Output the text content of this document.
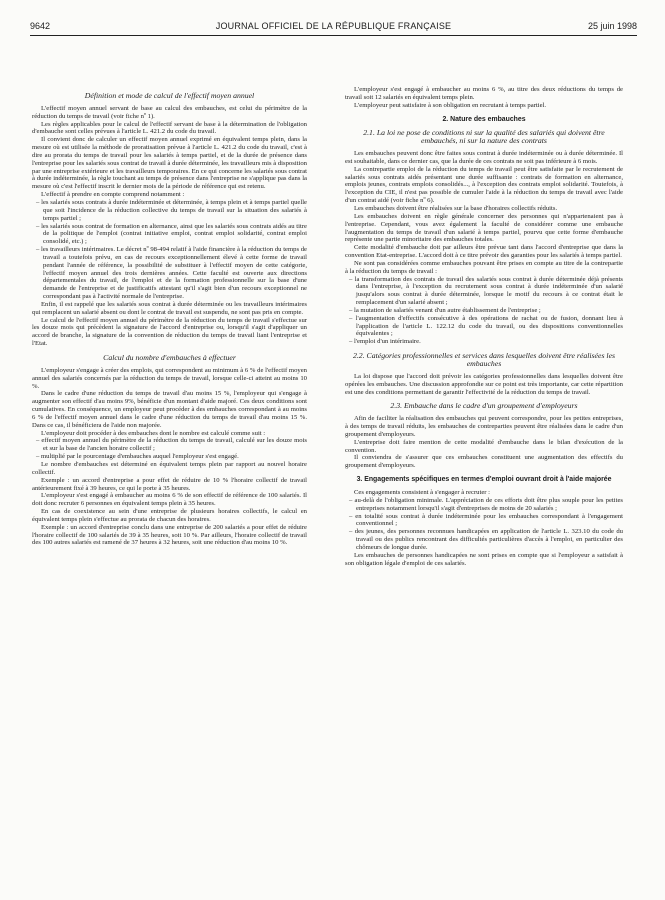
9642	JOURNAL OFFICIEL DE LA RÉPUBLIQUE FRANÇAISE	25 juin 1998
Définition et mode de calcul de l'effectif moyen annuel

L'effectif moyen annuel servant de base au calcul des embauches, est celui du périmètre de la réduction du temps de travail (voir fiche nº 1).

Les règles applicables pour le calcul de l'effectif servant de base à la détermination de l'obligation d'embauche sont celles prévues à l'article L. 421.2 du code du travail.

Il convient donc de calculer un effectif moyen annuel exprimé en équivalent temps plein, dans la mesure où est utilisée la méthode de proratisation prévue à l'article L. 421.2 du code du travail, c'est à dire au prorata du temps de travail pour les salariés à temps partiel, et de la durée de présence dans l'entreprise pour les salariés sous contrat de travail à durée déterminée, les travailleurs mis à disposition par une entreprise extérieure et les travailleurs temporaires. En ce qui concerne les salariés sous contrat à durée indéterminée, la règle touchant au temps de présence dans l'entreprise ne s'applique pas dans la mesure où c'est l'effectif inscrit le dernier mois de la période de référence qui est retenu.

L'effectif à prendre en compte comprend notamment :

– les salariés sous contrats à durée indéterminée et déterminée, à temps plein et à temps partiel quelle que soit l'incidence de la réduction collective du temps de travail sur la situation des salariés à temps partiel ;
– les salariés sous contrat de formation en alternance, ainsi que les salariés sous contrats aidés au titre de la politique de l'emploi (contrat initiative emploi, contrat emploi solidarité, contrat emploi consolidé, etc.) ;
– les travailleurs intérimaires. Le décret nº 98-494 relatif à l'aide financière à la réduction du temps de travail a toutefois prévu, en cas de recours exceptionnellement élevé à cette forme de travail pendant l'année de référence, la possibilité de substituer à l'effectif moyen de cette catégorie, l'effectif moyen annuel des trois dernières années. Cette faculté est ouverte aux directions départementales du travail, de l'emploi et de la formation professionnelle sur la base d'une demande de l'entreprise et de justificatifs attestant qu'il s'agit bien d'un recours exceptionnel ne correspondant pas à l'activité normale de l'entreprise.

Enfin, il est rappelé que les salariés sous contrat à durée déterminée ou les travailleurs intérimaires qui remplacent un salarié absent ou dont le contrat de travail est suspendu, ne sont pas pris en compte.

Le calcul de l'effectif moyen annuel du périmètre de la réduction du temps de travail s'effectue sur les douze mois qui précèdent la signature de l'accord d'entreprise ou, lorsqu'il s'agit d'appliquer un accord de branche, la signature de la convention de réduction du temps de travail liant l'entreprise et l'Etat.

Calcul du nombre d'embauches à effectuer

L'employeur s'engage à créer des emplois, qui correspondent au minimum à 6 % de l'effectif moyen annuel des salariés concernés par la réduction du temps de travail, lorsque celle-ci atteint au moins 10 %.

Dans le cadre d'une réduction du temps de travail d'au moins 15 %, l'employeur qui s'engage à augmenter son effectif d'au moins 9%, bénéficie d'un montant d'aide majoré. Ces deux conditions sont cumulatives. En conséquence, un employeur peut procéder à des embauches correspondant à au moins 6 % de l'effectif moyen annuel dans le cadre d'une réduction du temps de travail d'au moins 15 %. Dans ce cas, il bénéficiera de l'aide non majorée.

L'employeur doit procéder à des embauches dont le nombre est calculé comme suit :

– effectif moyen annuel du périmètre de la réduction du temps de travail, calculé sur les douze mois et sur la base de l'ancien horaire collectif ;
– multiplié par le pourcentage d'embauches auquel l'employeur s'est engagé.

Le nombre d'embauches est déterminé en équivalent temps plein par rapport au nouvel horaire collectif.

Exemple : un accord d'entreprise a pour effet de réduire de 10 % l'horaire collectif de travail antérieurement fixé à 39 heures, ce qui le porte à 35 heures.

L'employeur s'est engagé à embaucher au moins 6 % de son effectif de référence de 100 salariés. Il doit donc recruter 6 personnes en équivalent temps plein à 35 heures.

En cas de coexistence au sein d'une entreprise de plusieurs horaires collectifs, le calcul en équivalent temps plein s'effectue au prorata de chacun des horaires.

Exemple : un accord d'entreprise conclu dans une entreprise de 200 salariés a pour effet de réduire l'horaire collectif de 100 salariés de 39 à 35 heures, soit 10 %. Par ailleurs, l'horaire collectif de travail des 100 autres salariés est ramené de 37 heures à 32 heures, soit une réduction d'au moins 10 %.

L'employeur s'est engagé à embaucher au moins 6 %, au titre des deux réductions du temps de travail soit 12 salariés en équivalent temps plein.

L'employeur peut satisfaire à son obligation en recrutant à temps partiel.

2. Nature des embauches
2.1. La loi ne pose de conditions ni sur la qualité des salariés qui doivent être embauchés, ni sur la nature des contrats

Les embauches peuvent donc être faites sous contrat à durée indéterminée ou à durée déterminée. Il est souhaitable, dans ce dernier cas, que la durée de ces contrats ne soit pas inférieure à 6 mois.

La contrepartie emploi de la réduction du temps de travail peut être satisfaite par le recrutement de salariés sous contrats aidés présentant une durée suffisante : contrats de formation en alternance, emplois jeunes, contrats emplois consolidés..., à l'exception des contrats emploi solidarité. Toutefois, à l'exception du CIE, il n'est pas possible de cumuler l'aide à la réduction du temps de travail avec l'aide d'un contrat aidé (voir fiche nº 6).

Les embauches doivent être réalisées sur la base d'horaires collectifs réduits.

Les embauches doivent en règle générale concerner des personnes qui n'appartenaient pas à l'entreprise. Cependant, vous avez également la faculté de considérer comme une embauche l'augmentation du temps de travail d'un salarié à temps partiel, pourvu que cette forme d'embauche représente une partie minoritaire des embauches totales.

Cette modalité d'embauche doit par ailleurs être prévue tant dans l'accord d'entreprise que dans la convention Etat-entreprise. L'accord doit à ce titre prévoir des garanties pour les salariés à temps partiel.

Ne sont pas considérées comme embauches pouvant être prises en compte au titre de la contrepartie à la réduction du temps de travail :

– la transformation des contrats de travail des salariés sous contrat à durée déterminée déjà présents dans l'entreprise, à l'exception du recrutement sous contrat à durée indéterminée d'un salarié jusqu'alors sous contrat à durée déterminée, lorsque le motif du recours à ce contrat était le remplacement d'un salarié absent ;
– la mutation de salariés venant d'un autre établissement de l'entreprise ;
– l'augmentation d'effectifs consécutive à des opérations de rachat ou de fusion, donnant lieu à l'application de l'article L. 122.12 du code du travail, ou des dispositions conventionnelles équivalentes ;
– l'emploi d'un intérimaire.
2.2. Catégories professionnelles et services dans lesquelles doivent être réalisées les embauches

La loi dispose que l'accord doit prévoir les catégories professionnelles dans lesquelles doivent être opérées les embauches. Une discussion approfondie sur ce point est très importante, car cette répartition est une des conditions permettant de garantir l'effectivité de la réduction du temps de travail.

2.3. Embauche dans le cadre d'un groupement d'employeurs

Afin de faciliter la réalisation des embauches qui peuvent correspondre, pour les petites entreprises, à des temps de travail réduits, les embauches de contreparties peuvent être réalisées dans le cadre d'un groupement d'employeurs.

L'entreprise doit faire mention de cette modalité d'embauche dans le bilan d'exécution de la convention.

Il conviendra de s'assurer que ces embauches constituent une augmentation des effectifs du groupement d'employeurs.

3. Engagements spécifiques en termes d'emploi ouvrant droit à l'aide majorée

Ces engagements consistent à s'engager à recruter :

– au-delà de l'obligation minimale. L'appréciation de ces efforts doit être plus souple pour les petites entreprises notamment lorsqu'il s'agit d'entreprises de moins de 20 salariés ;
– en totalité sous contrat à durée indéterminée pour les embauches correspondant à l'engagement conventionnel ;
– des jeunes, des personnes reconnues handicapées en application de l'article L. 323.10 du code du travail ou des publics rencontrant des difficultés particulières d'accès à l'emploi, en particulier des chômeurs de longue durée.

Les embauches de personnes handicapées ne sont prises en compte que si l'employeur a satisfait à son obligation légale d'emploi de ces salariés.
